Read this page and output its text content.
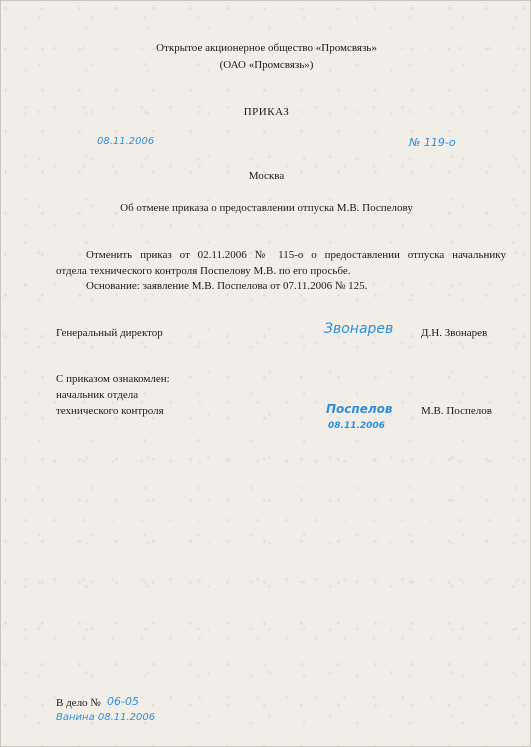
Открытое акционерное общество «Промсвязь»
(ОАО «Промсвязь»)
ПРИКАЗ
08.11.2006	№ 119-о
Москва
Об отмене приказа о предоставлении отпуска М.В. Поспелову
Отменить приказ от 02.11.2006 № 115-о о предоставлении отпуска начальнику
отдела технического контроля Поспелову М.В. по его просьбе.
Основание: заявление М.В. Поспелова от 07.11.2006 № 125.
Генеральный директор	Звонарев	Д.Н. Звонарев
С приказом ознакомлен:
начальник отдела
технического контроля	Поспелов
08.11.2006
М.В. Поспелов
В дело № 06-05
Ванина 08.11.2006
